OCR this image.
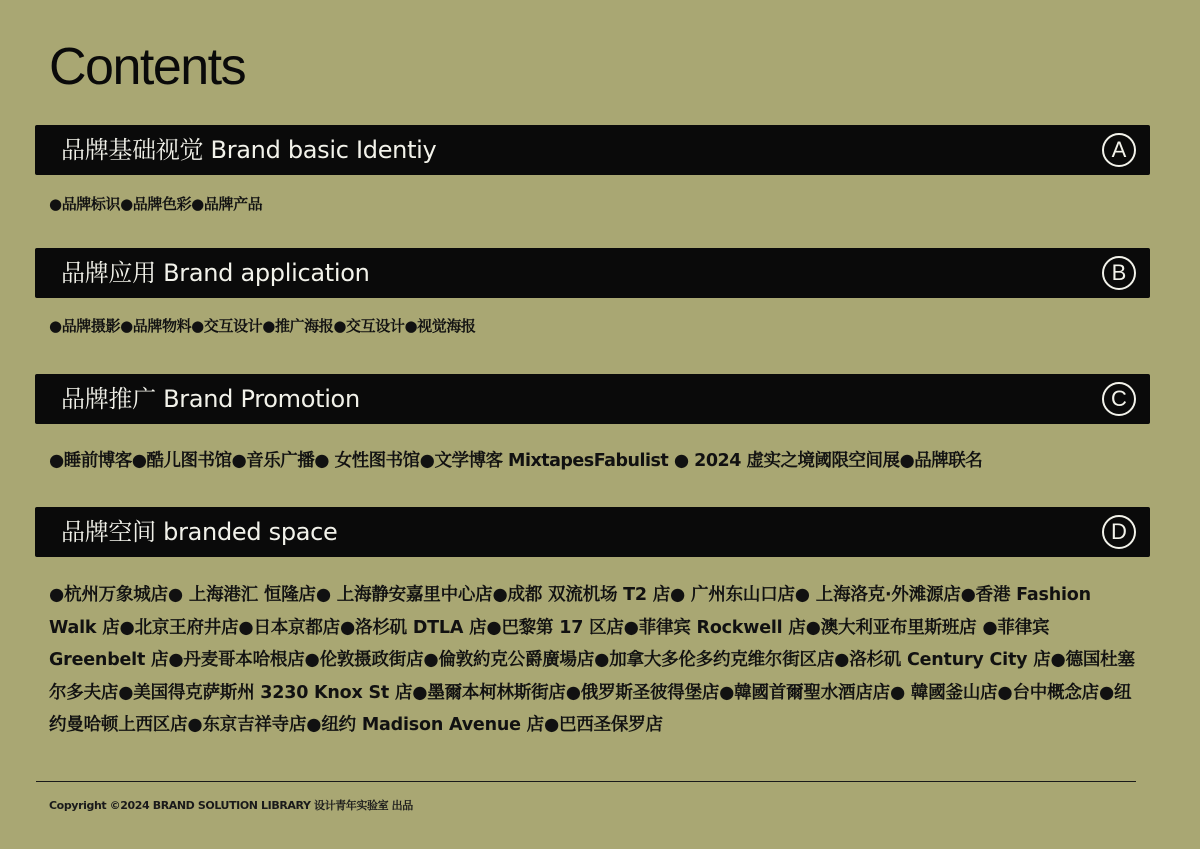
Contents
品牌基础视觉 Brand basic Identiy	A
●品牌标识●品牌色彩●品牌产品
品牌应用 Brand application	B
●品牌摄影●品牌物料●交互设计●推广海报●交互设计●视觉海报
品牌推广 Brand Promotion	C
●睡前博客●酷儿图书馆●音乐广播● 女性图书馆●文学博客 MixtapesFabulist ● 2024 虚实之境阈限空间展●品牌联名
品牌空间 branded space	D
●杭州万象城店● 上海港汇 恒隆店● 上海静安嘉里中心店●成都 双流机场 T2 店● 广州东山口店● 上海洛克·外滩源店●香港 Fashion Walk 店●北京王府井店●日本京都店●洛杉矶 DTLA 店●巴黎第 17 区店●菲律宾 Rockwell 店●澳大利亚布里斯班店 ●菲律宾 Greenbelt 店●丹麦哥本哈根店●伦敦摄政街店●倫敦約克公爵廣場店●加拿大多伦多约克维尔街区店●洛杉矶 Century City 店●德国杜塞尔多夫店●美国得克萨斯州 3230 Knox St 店●墨爾本柯林斯街店●俄罗斯圣彼得堡店●韓國首爾聖水酒店店● 韓國釜山店●台中概念店●纽约曼哈顿上西区店●东京吉祥寺店●纽约 Madison Avenue 店●巴西圣保罗店
Copyright ©2024 BRAND SOLUTION LIBRARY 设计青年实验室 出品
